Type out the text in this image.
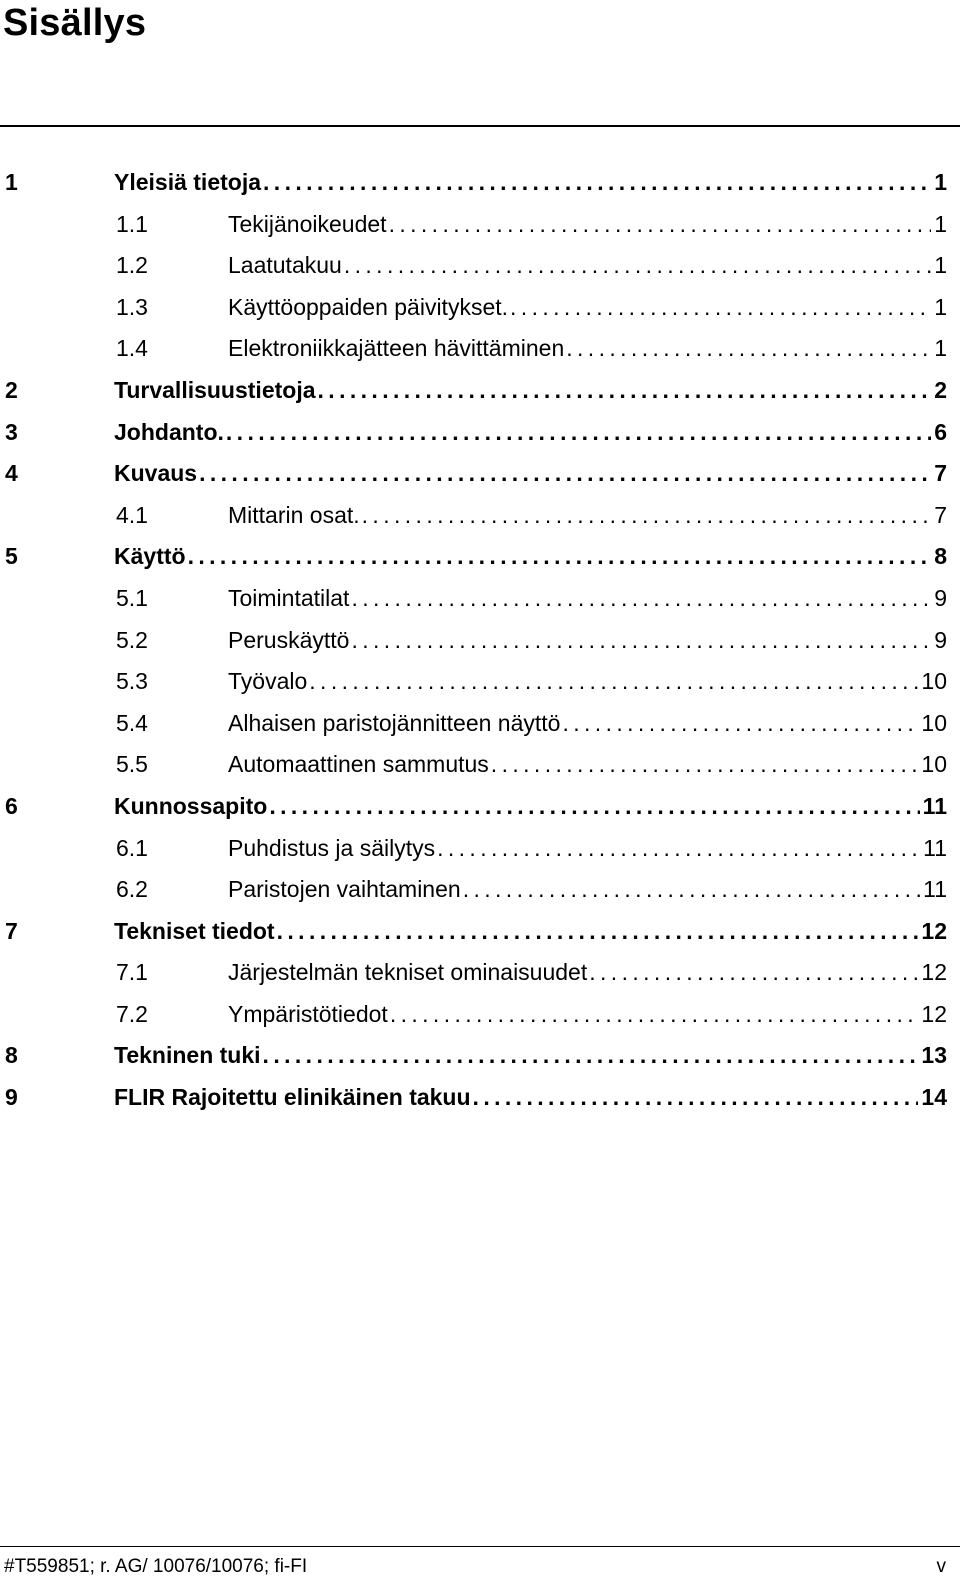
Sisällys
1	Yleisiä tietoja . . .	1
1.1	Tekijänoikeudet . . .	1
1.2	Laatutakuu . . .	1
1.3	Käyttöoppaiden päivitykset. . . .	1
1.4	Elektroniikkajätteen hävittäminen . . .	1
2	Turvallisuustietoja . . .	2
3	Johdanto. . . .	6
4	Kuvaus . . .	7
4.1	Mittarin osat. . . .	7
5	Käyttö . . .	8
5.1	Toimintatilat . . .	9
5.2	Peruskäyttö . . .	9
5.3	Työvalo . . .	10
5.4	Alhaisen paristojännitteen näyttö . . .	10
5.5	Automaattinen sammutus . . .	10
6	Kunnossapito . . .	11
6.1	Puhdistus ja säilytys . . .	11
6.2	Paristojen vaihtaminen . . .	11
7	Tekniset tiedot . . .	12
7.1	Järjestelmän tekniset ominaisuudet . . .	12
7.2	Ympäristötiedot . . .	12
8	Tekninen tuki . . .	13
9	FLIR Rajoitettu elinikäinen takuu . . .	14
#T559851; r. AG/ 10076/10076; fi-FI	v
